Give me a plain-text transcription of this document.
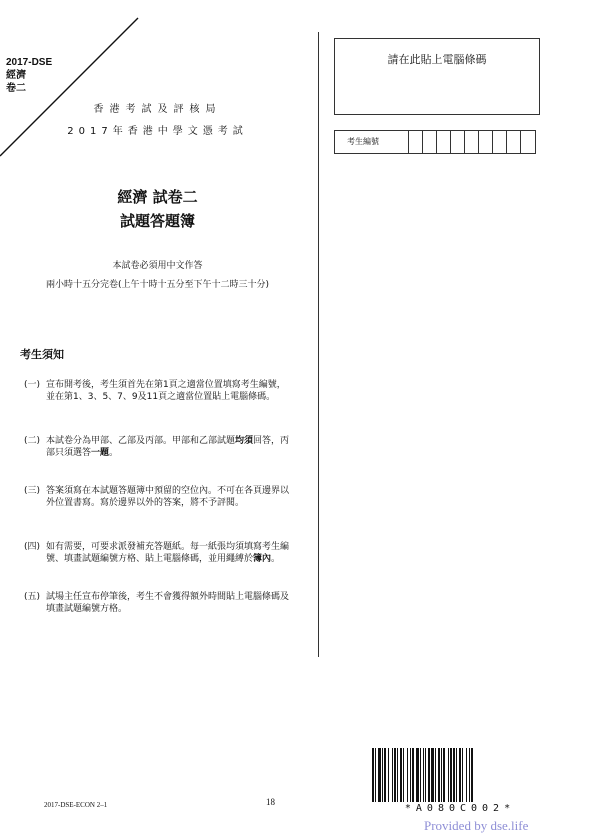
2017-DSE
經濟
卷二
香港考試及評核局
2017年香港中學文憑考試
經濟 試卷二
試題答題簿
本試卷必須用中文作答
兩小時十五分完卷(上午十時十五分至下午十二時三十分)
考生須知
(一) 宣布開考後，考生須首先在第1頁之適當位置填寫考生編號，並在第1、3、5、7、9及11頁之適當位置貼上電腦條碼。
(二) 本試卷分為甲部、乙部及丙部。甲部和乙部試題均須回答，丙部只須選答一題。
(三) 答案須寫在本試題答題簿中預留的空位內。不可在各頁邊界以外位置書寫。寫於邊界以外的答案，將不予評閱。
(四) 如有需要，可要求派發補充答題紙。每一紙張均須填寫考生編號、填畫試題編號方格、貼上電腦條碼，並用繩縛於簿內。
(五) 試場主任宣布停筆後，考生不會獲得額外時間貼上電腦條碼及填畫試題編號方格。
請在此貼上電腦條碼
考生編號
2017-DSE-ECON 2–1	18
*A080C002*
Provided by dse.life
